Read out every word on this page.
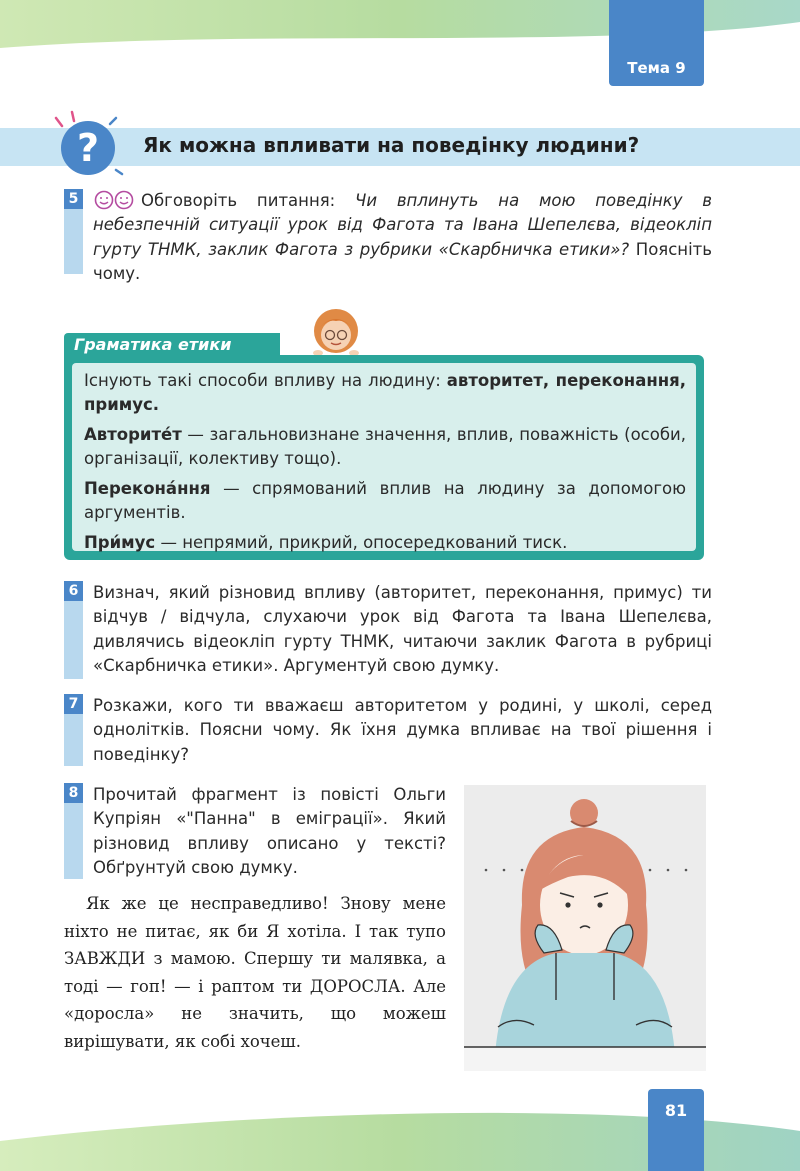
Тема 9
? Як можна впливати на поведінку людини?
5	Обговоріть питання: Чи вплинуть на мою поведінку в небезпечній ситуації урок від Фагота та Івана Шепелєва, відеокліп гурту ТНМК, заклик Фагота з рубрики «Скарбничка етики»? Поясніть чому.
Граматика етики

Існують такі способи впливу на людину: авторитет, переконання, примус.

Авторите́т — загальновизнане значення, вплив, поважність (особи, організації, колективу тощо).

Переконáння — спрямований вплив на людину за допомогою аргументів.

При́мус — непрямий, прикрий, опосередкований тиск.

6 Визнач, який різновид впливу (авторитет, переконання, примус) ти відчув / відчула, слухаючи урок від Фагота та Івана Шепелєва, дивлячись відеокліп гурту ТНМК, читаючи заклик Фагота в рубриці «Скарбничка етики». Аргументуй свою думку.
7 Розкажи, кого ти вважаєш авторитетом у родині, у школі, серед однолітків. Поясни чому. Як їхня думка впливає на твої рішення і поведінку?
8 Прочитай фрагмент із повісті Ольги Купріян «"Панна" в еміграції». Який різновид впливу описано у тексті? Обґрунтуй свою думку.

Як же це несправедливо! Знову мене ніхто не питає, як би Я хотіла. І так тупо ЗАВЖДИ з мамою. Спершу ти малявка, а тоді — гоп! — і раптом ти ДОРОСЛА. Але «доросла» не значить, що можеш вирішувати, як собі хочеш.

81
